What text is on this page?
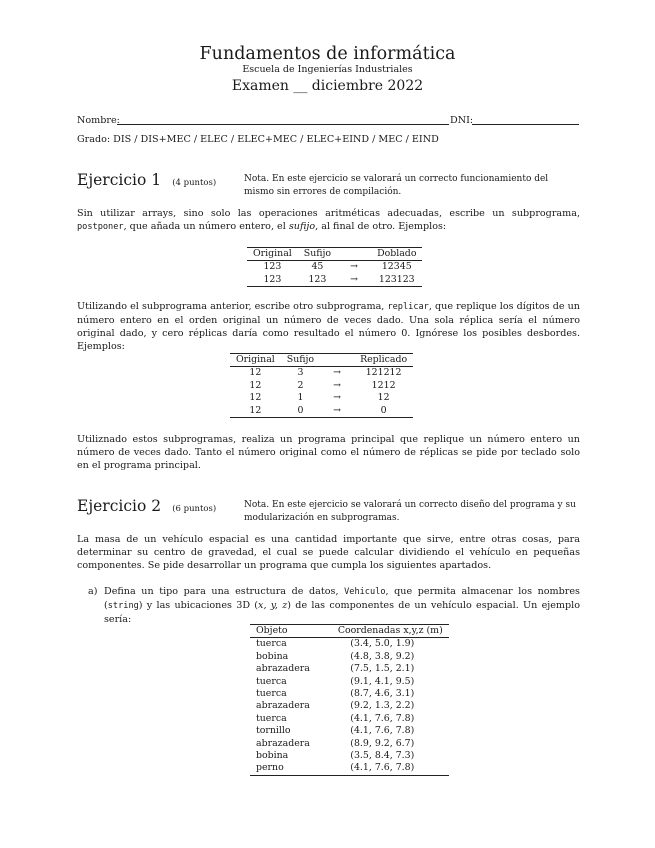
Fundamentos de informática
Escuela de Ingenierías Industriales
Examen __ diciembre 2022
Nombre:	DNI:
Grado: DIS / DIS+MEC / ELEC / ELEC+MEC / ELEC+EIND / MEC / EIND
Ejercicio 1 (4 puntos)	Nota. En este ejercicio se valorará un correcto funcionamiento del mismo sin errores de compilación.
Sin utilizar arrays, sino solo las operaciones aritméticas adecuadas, escribe un subprograma, postponer, que añada un número entero, el sufijo, al final de otro. Ejemplos:
Original	Sufijo		Doblado
123	45	→	12345
123	123	→	123123
Utilizando el subprograma anterior, escribe otro subprograma, replicar, que replique los dígitos de un número entero en el orden original un número de veces dado. Una sola réplica sería el número original dado, y cero réplicas daría como resultado el número 0. Ignórese los posibles desbordes. Ejemplos:
Original	Sufijo		Replicado
12	3	→	121212
12	2	→	1212
12	1	→	12
12	0	→	0
Utiliznado estos subprogramas, realiza un programa principal que replique un número entero un número de veces dado. Tanto el número original como el número de réplicas se pide por teclado solo en el programa principal.
Ejercicio 2 (6 puntos)	Nota. En este ejercicio se valorará un correcto diseño del programa y su modularización en subprogramas.
La masa de un vehículo espacial es una cantidad importante que sirve, entre otras cosas, para determinar su centro de gravedad, el cual se puede calcular dividiendo el vehículo en pequeñas componentes. Se pide desarrollar un programa que cumpla los siguientes apartados.
a) Defina un tipo para una estructura de datos, Vehiculo, que permita almacenar los nombres (string) y las ubicaciones 3D (x, y, z) de las componentes de un vehículo espacial. Un ejemplo sería:
Objeto	Coordenadas x,y,z (m)
tuerca	(3.4, 5.0, 1.9)
bobina	(4.8, 3.8, 9.2)
abrazadera	(7.5, 1.5, 2.1)
tuerca	(9.1, 4.1, 9.5)
tuerca	(8.7, 4.6, 3.1)
abrazadera	(9.2, 1.3, 2.2)
tuerca	(4.1, 7.6, 7.8)
tornillo	(4.1, 7.6, 7.8)
abrazadera	(8.9, 9.2, 6.7)
bobina	(3.5, 8.4, 7.3)
perno	(4.1, 7.6, 7.8)
